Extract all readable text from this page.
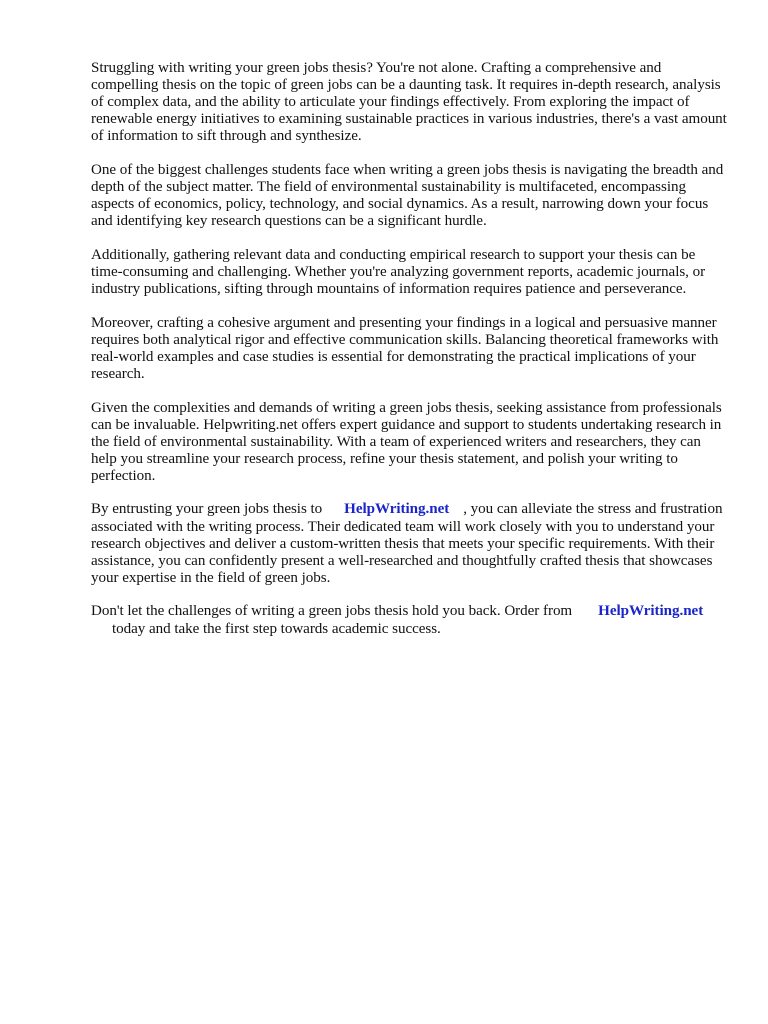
Struggling with writing your green jobs thesis? You're not alone. Crafting a comprehensive and compelling thesis on the topic of green jobs can be a daunting task. It requires in-depth research, analysis of complex data, and the ability to articulate your findings effectively. From exploring the impact of renewable energy initiatives to examining sustainable practices in various industries, there's a vast amount of information to sift through and synthesize.

One of the biggest challenges students face when writing a green jobs thesis is navigating the breadth and depth of the subject matter. The field of environmental sustainability is multifaceted, encompassing aspects of economics, policy, technology, and social dynamics. As a result, narrowing down your focus and identifying key research questions can be a significant hurdle.

Additionally, gathering relevant data and conducting empirical research to support your thesis can be time-consuming and challenging. Whether you're analyzing government reports, academic journals, or industry publications, sifting through mountains of information requires patience and perseverance.

Moreover, crafting a cohesive argument and presenting your findings in a logical and persuasive manner requires both analytical rigor and effective communication skills. Balancing theoretical frameworks with real-world examples and case studies is essential for demonstrating the practical implications of your research.

Given the complexities and demands of writing a green jobs thesis, seeking assistance from professionals can be invaluable. Helpwriting.net offers expert guidance and support to students undertaking research in the field of environmental sustainability. With a team of experienced writers and researchers, they can help you streamline your research process, refine your thesis statement, and polish your writing to perfection.

By entrusting your green jobs thesis to HelpWriting.net , you can alleviate the stress and frustration associated with the writing process. Their dedicated team will work closely with you to understand your research objectives and deliver a custom-written thesis that meets your specific requirements. With their assistance, you can confidently present a well-researched and thoughtfully crafted thesis that showcases your expertise in the field of green jobs.

Don't let the challenges of writing a green jobs thesis hold you back. Order from HelpWriting.net
today and take the first step towards academic success.
